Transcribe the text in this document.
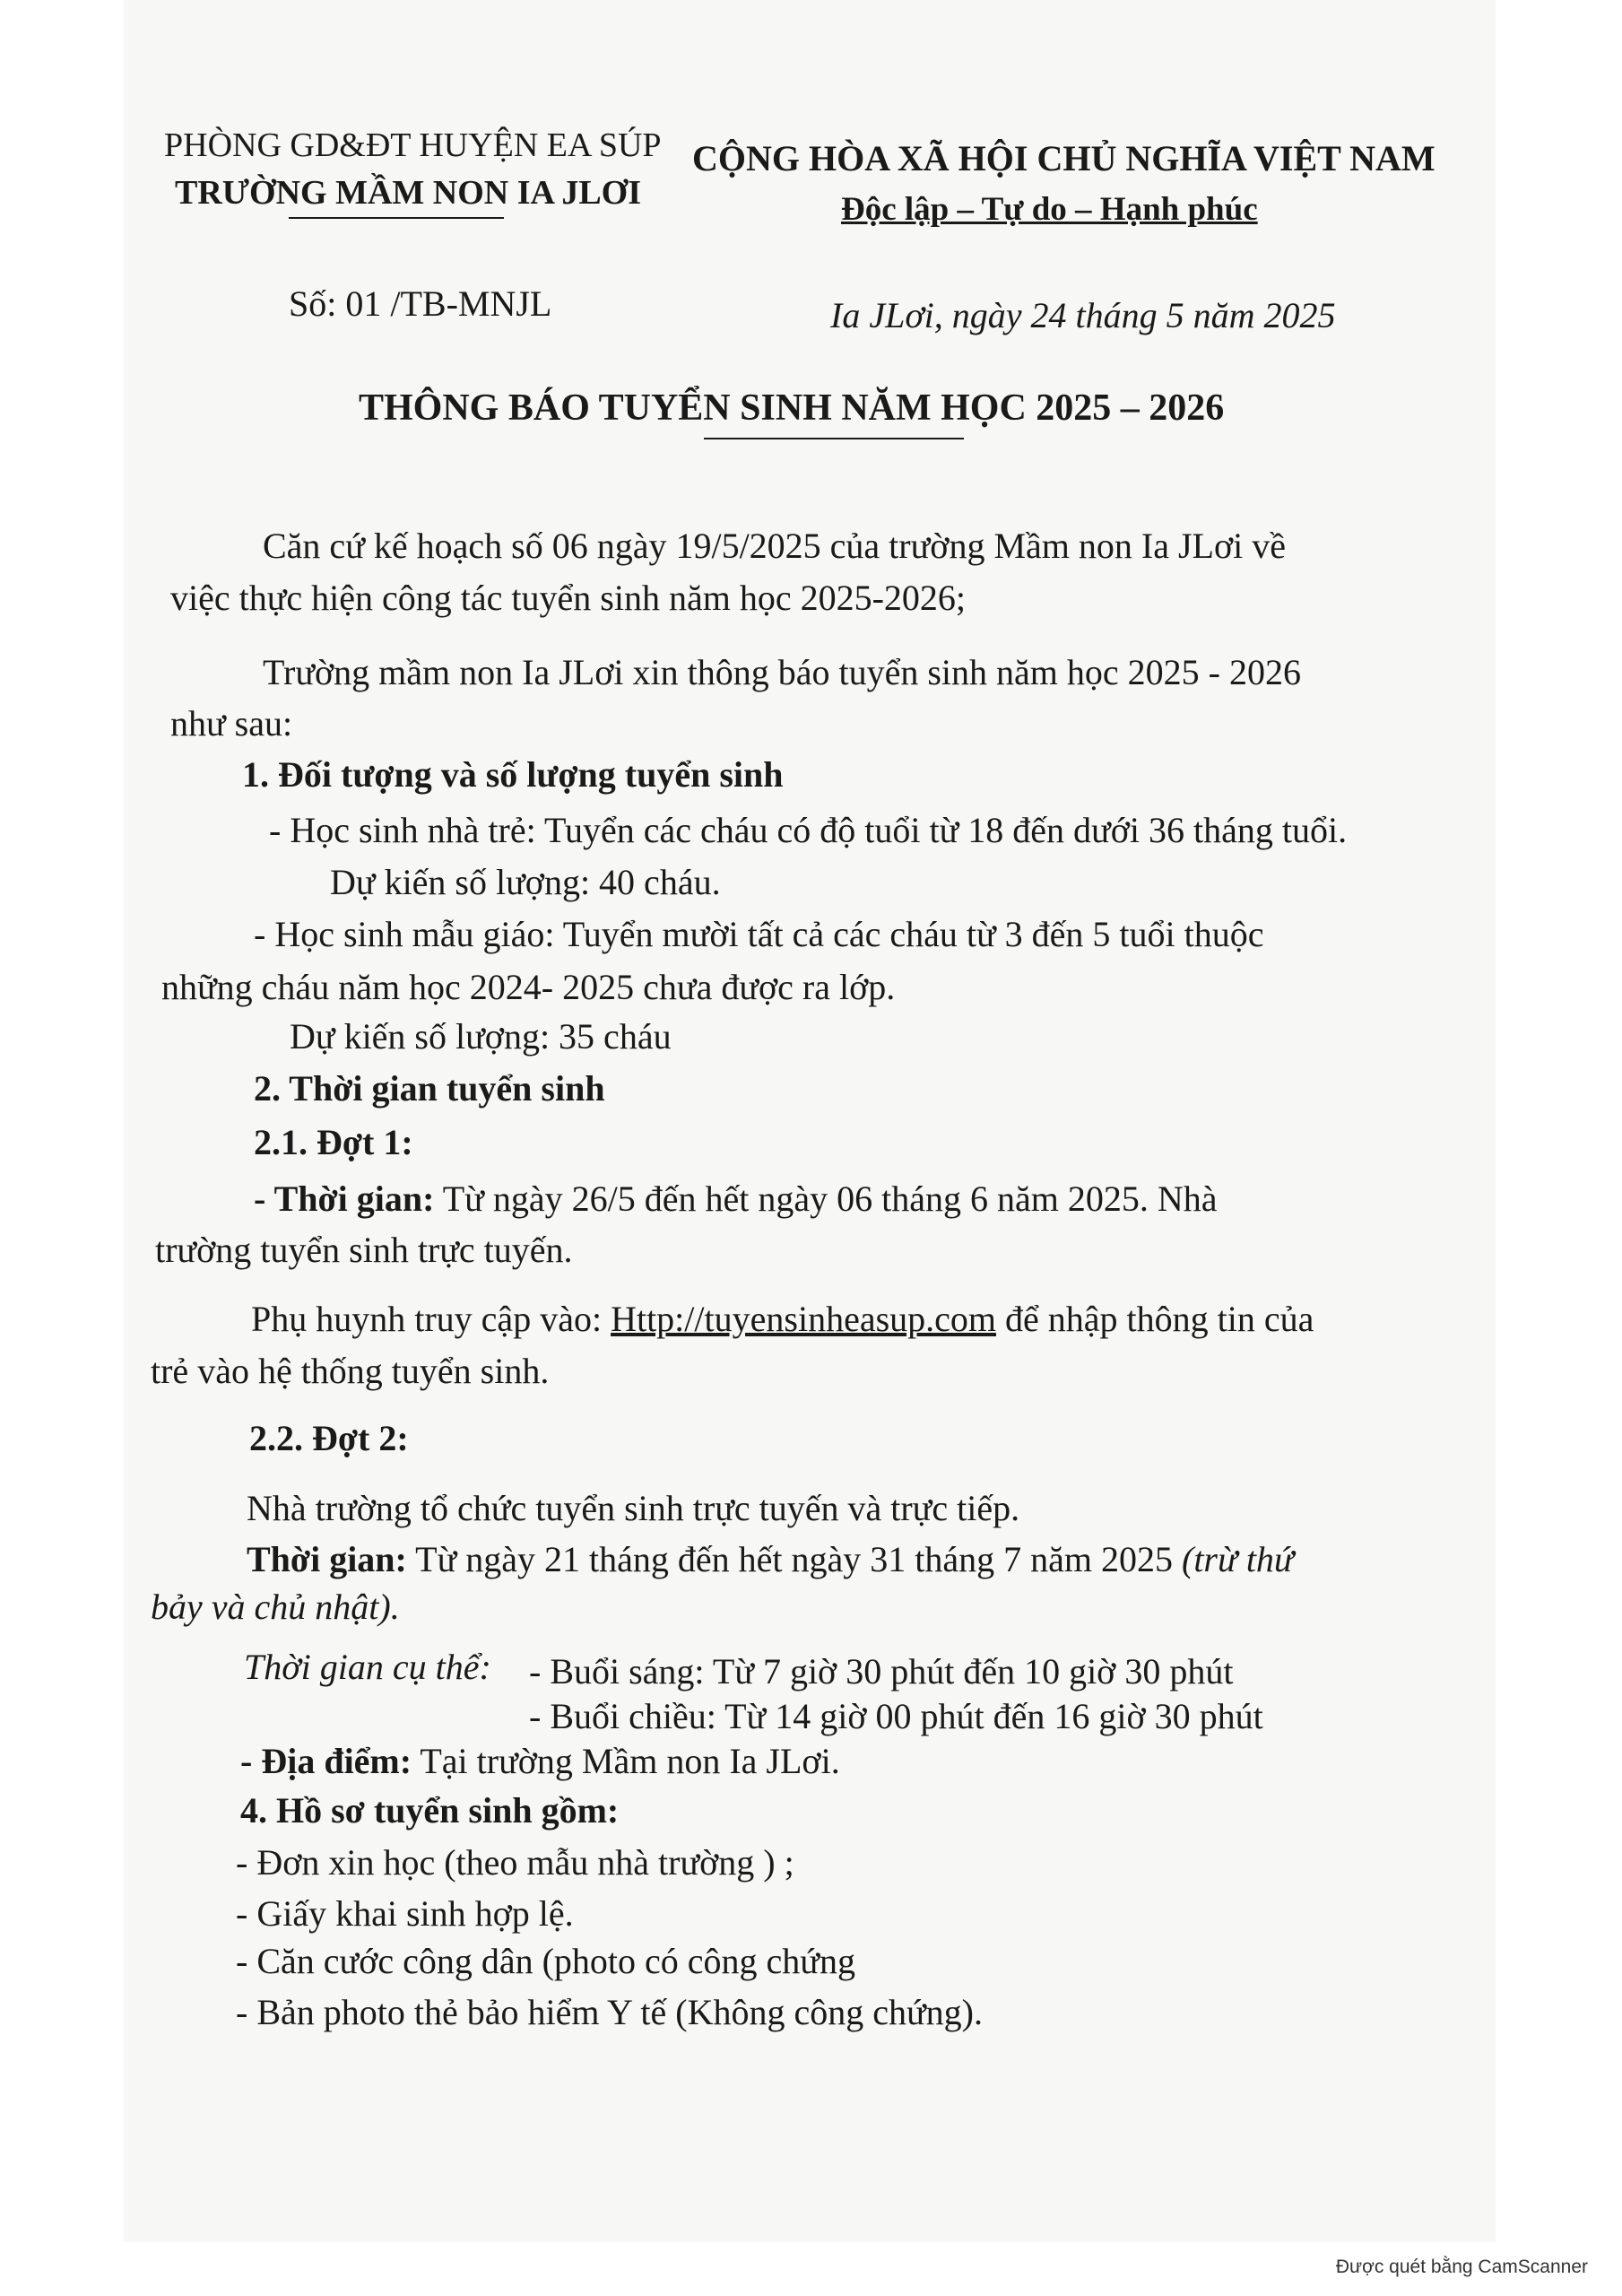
PHÒNG GD&ĐT HUYỆN EA SÚP
TRƯỜNG MẦM NON IA JLƠI
CỘNG HÒA XÃ HỘI CHỦ NGHĨA VIỆT NAM
Độc lập – Tự do – Hạnh phúc
Số: 01 /TB-MNJL	Ia JLơi, ngày 24 tháng 5 năm 2025
THÔNG BÁO TUYỂN SINH NĂM HỌC 2025 – 2026
Căn cứ kế hoạch số 06 ngày 19/5/2025 của trường Mầm non Ia JLơi về
việc thực hiện công tác tuyển sinh năm học 2025-2026;
Trường mầm non Ia JLơi xin thông báo tuyển sinh năm học 2025 - 2026
như sau:
1. Đối tượng và số lượng tuyển sinh
- Học sinh nhà trẻ: Tuyển các cháu có độ tuổi từ 18 đến dưới 36 tháng tuổi.
Dự kiến số lượng: 40 cháu.
- Học sinh mẫu giáo: Tuyển mười tất cả các cháu từ 3 đến 5 tuổi thuộc
những cháu năm học 2024- 2025 chưa được ra lớp.
Dự kiến số lượng: 35 cháu
2. Thời gian tuyển sinh
2.1. Đợt 1:
- Thời gian: Từ ngày 26/5 đến hết ngày 06 tháng 6 năm 2025. Nhà
trường tuyển sinh trực tuyến.
Phụ huynh truy cập vào: Http://tuyensinheasup.com để nhập thông tin của
trẻ vào hệ thống tuyển sinh.
2.2. Đợt 2:
Nhà trường tổ chức tuyển sinh trực tuyến và trực tiếp.
Thời gian: Từ ngày 21 tháng đến hết ngày 31 tháng 7 năm 2025 (trừ thứ
bảy và chủ nhật).
Thời gian cụ thể: - Buổi sáng: Từ 7 giờ 30 phút đến 10 giờ 30 phút
- Buổi chiều: Từ 14 giờ 00 phút đến 16 giờ 30 phút
- Địa điểm: Tại trường Mầm non Ia JLơi.
4. Hồ sơ tuyển sinh gồm:
- Đơn xin học (theo mẫu nhà trường ) ;
- Giấy khai sinh hợp lệ.
- Căn cước công dân (photo có công chứng
- Bản photo thẻ bảo hiểm Y tế (Không công chứng).
Được quét bằng CamScanner
